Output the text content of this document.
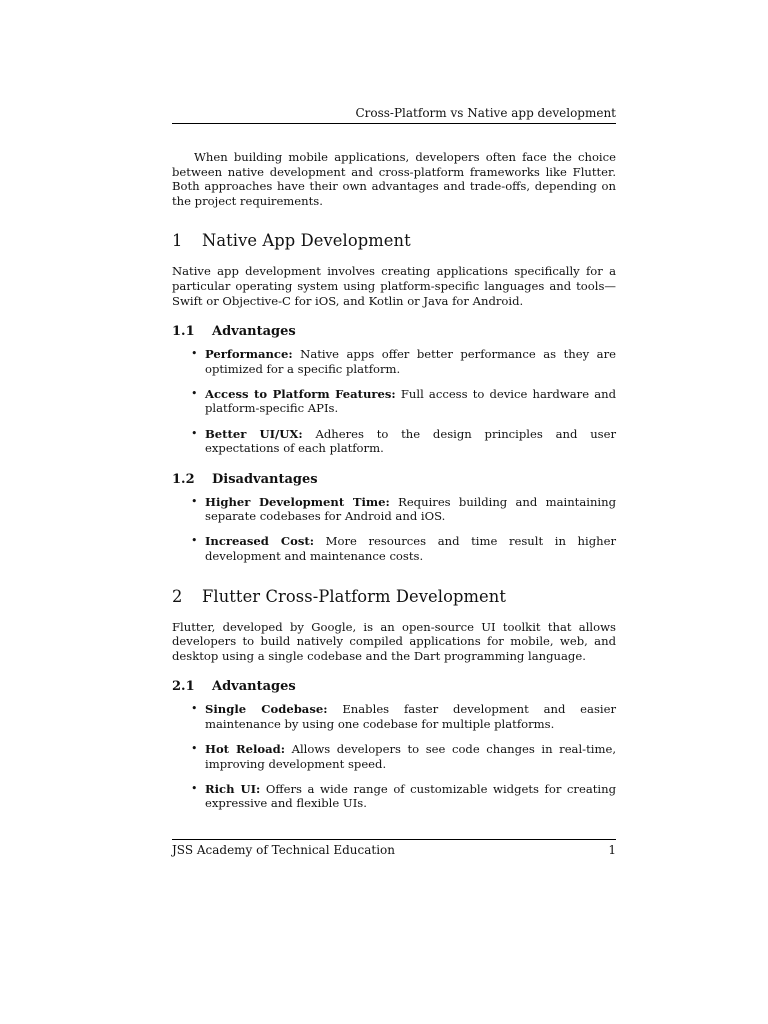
Cross-Platform vs Native app development

When building mobile applications, developers often face the choice between native development and cross-platform frameworks like Flutter. Both approaches have their own advantages and trade-offs, depending on the project requirements.

1 Native App Development

Native app development involves creating applications specifically for a particular operating system using platform-specific languages and tools—Swift or Objective-C for iOS, and Kotlin or Java for Android.

1.1 Advantages
• Performance: Native apps offer better performance as they are optimized for a specific platform.
• Access to Platform Features: Full access to device hardware and platform-specific APIs.
• Better UI/UX: Adheres to the design principles and user expectations of each platform.
1.2 Disadvantages
• Higher Development Time: Requires building and maintaining separate codebases for Android and iOS.
• Increased Cost: More resources and time result in higher development and maintenance costs.
2 Flutter Cross-Platform Development

Flutter, developed by Google, is an open-source UI toolkit that allows developers to build natively compiled applications for mobile, web, and desktop using a single codebase and the Dart programming language.

2.1 Advantages
• Single Codebase: Enables faster development and easier maintenance by using one codebase for multiple platforms.
• Hot Reload: Allows developers to see code changes in real-time, improving development speed.
• Rich UI: Offers a wide range of customizable widgets for creating expressive and flexible UIs.
JSS Academy of Technical Education	1
